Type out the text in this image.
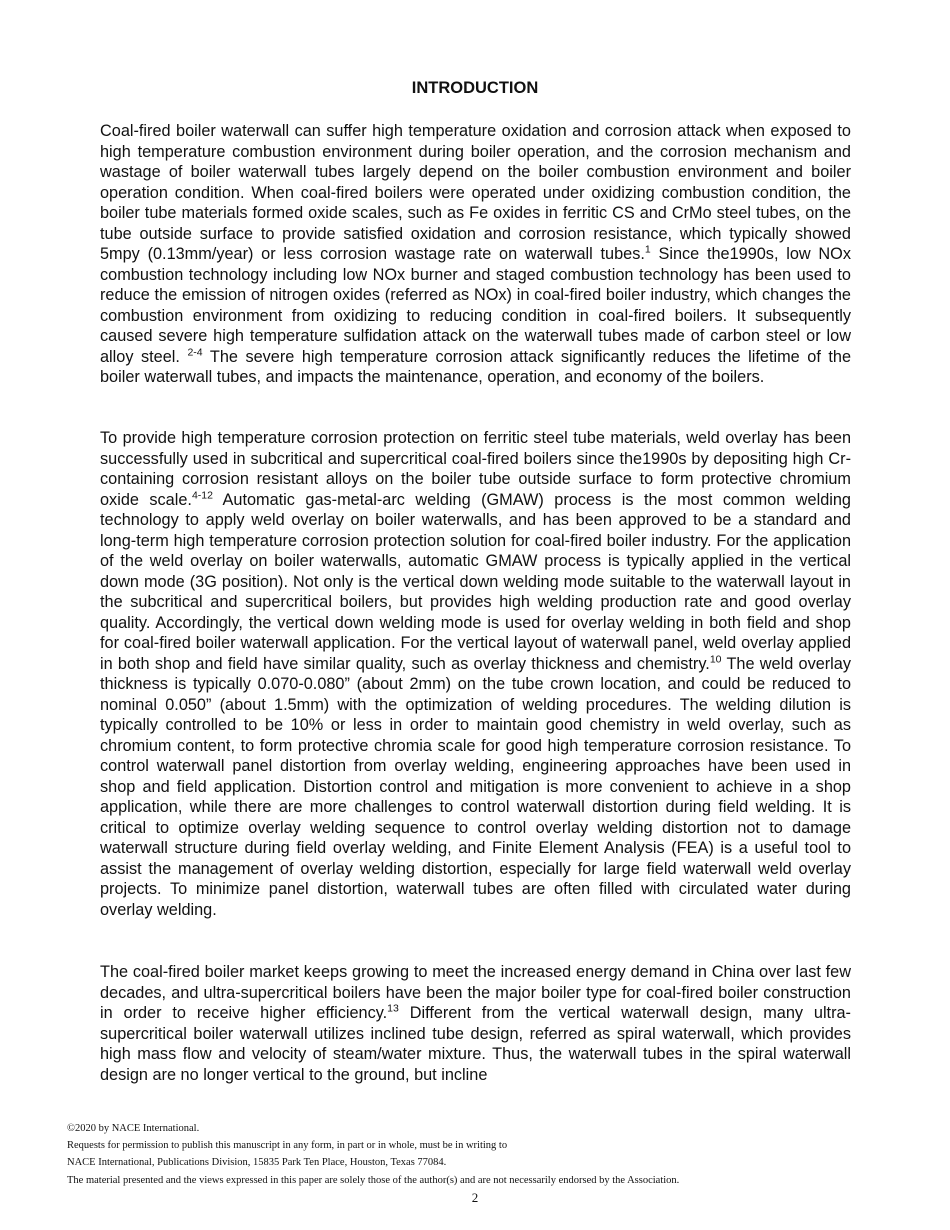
INTRODUCTION

Coal-fired boiler waterwall can suffer high temperature oxidation and corrosion attack when exposed to high temperature combustion environment during boiler operation, and the corrosion mechanism and wastage of boiler waterwall tubes largely depend on the boiler combustion environment and boiler operation condition. When coal-fired boilers were operated under oxidizing combustion condition, the boiler tube materials formed oxide scales, such as Fe oxides in ferritic CS and CrMo steel tubes, on the tube outside surface to provide satisfied oxidation and corrosion resistance, which typically showed 5mpy (0.13mm/year) or less corrosion wastage rate on waterwall tubes.$^1$ Since the1990s, low NOx combustion technology including low NOx burner and staged combustion technology has been used to reduce the emission of nitrogen oxides (referred as NOx) in coal-fired boiler industry, which changes the combustion environment from oxidizing to reducing condition in coal-fired boilers. It subsequently caused severe high temperature sulfidation attack on the waterwall tubes made of carbon steel or low alloy steel. $^{2-4}$ The severe high temperature corrosion attack significantly reduces the lifetime of the boiler waterwall tubes, and impacts the maintenance, operation, and economy of the boilers.

To provide high temperature corrosion protection on ferritic steel tube materials, weld overlay has been successfully used in subcritical and supercritical coal-fired boilers since the1990s by depositing high Cr-containing corrosion resistant alloys on the boiler tube outside surface to form protective chromium oxide scale.$^{4-12}$ Automatic gas-metal-arc welding (GMAW) process is the most common welding technology to apply weld overlay on boiler waterwalls, and has been approved to be a standard and long-term high temperature corrosion protection solution for coal-fired boiler industry. For the application of the weld overlay on boiler waterwalls, automatic GMAW process is typically applied in the vertical down mode (3G position). Not only is the vertical down welding mode suitable to the waterwall layout in the subcritical and supercritical boilers, but provides high welding production rate and good overlay quality. Accordingly, the vertical down welding mode is used for overlay welding in both field and shop for coal-fired boiler waterwall application. For the vertical layout of waterwall panel, weld overlay applied in both shop and field have similar quality, such as overlay thickness and chemistry.$^{10}$ The weld overlay thickness is typically 0.070-0.080” (about 2mm) on the tube crown location, and could be reduced to nominal 0.050” (about 1.5mm) with the optimization of welding procedures. The welding dilution is typically controlled to be 10% or less in order to maintain good chemistry in weld overlay, such as chromium content, to form protective chromia scale for good high temperature corrosion resistance. To control waterwall panel distortion from overlay welding, engineering approaches have been used in shop and field application. Distortion control and mitigation is more convenient to achieve in a shop application, while there are more challenges to control waterwall distortion during field welding. It is critical to optimize overlay welding sequence to control overlay welding distortion not to damage waterwall structure during field overlay welding, and Finite Element Analysis (FEA) is a useful tool to assist the management of overlay welding distortion, especially for large field waterwall weld overlay projects. To minimize panel distortion, waterwall tubes are often filled with circulated water during overlay welding.

The coal-fired boiler market keeps growing to meet the increased energy demand in China over last few decades, and ultra-supercritical boilers have been the major boiler type for coal-fired boiler construction in order to receive higher efficiency.$^{13}$ Different from the vertical waterwall design, many ultra-supercritical boiler waterwall utilizes inclined tube design, referred as spiral waterwall, which provides high mass flow and velocity of steam/water mixture. Thus, the waterwall tubes in the spiral waterwall design are no longer vertical to the ground, but incline

©2020 by NACE International.
Requests for permission to publish this manuscript in any form, in part or in whole, must be in writing to
NACE International, Publications Division, 15835 Park Ten Place, Houston, Texas 77084.
The material presented and the views expressed in this paper are solely those of the author(s) and are not necessarily endorsed by the Association.
2
